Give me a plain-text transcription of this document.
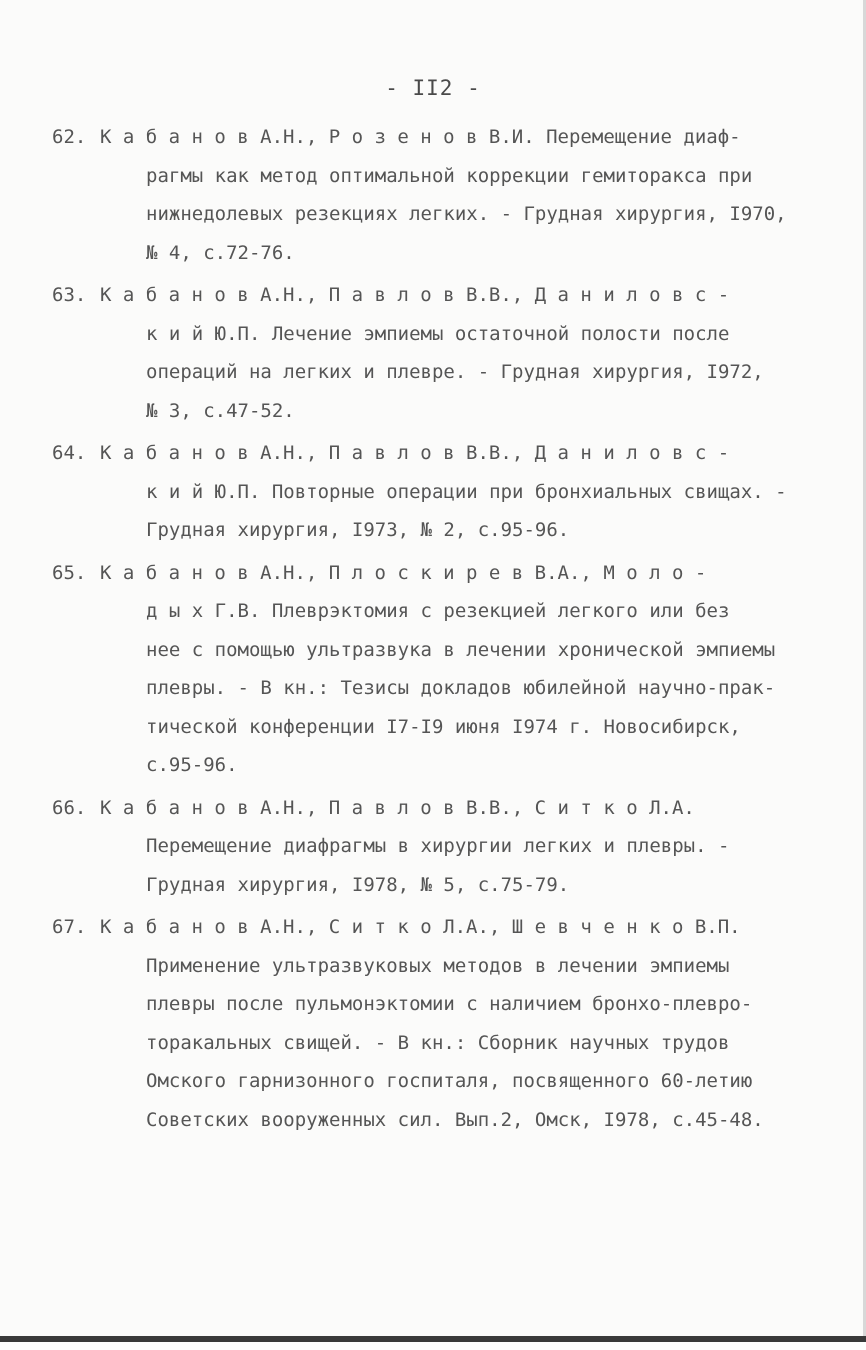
- II2 -
62. К а б а н о в А.Н., Р о з е н о в В.И. Перемещение диаф-
рагмы как метод оптимальной коррекции гемиторакса при
нижнедолевых резекциях легких. - Грудная хирургия, I970,
№ 4, с.72-76.
63. К а б а н о в А.Н., П а в л о в В.В., Д а н и л о в с -
к и й Ю.П. Лечение эмпиемы остаточной полости после
операций на легких и плевре. - Грудная хирургия, I972,
№ 3, с.47-52.
64. К а б а н о в А.Н., П а в л о в В.В., Д а н и л о в с -
к и й Ю.П. Повторные операции при бронхиальных свищах. -
Грудная хирургия, I973, № 2, с.95-96.
65. К а б а н о в А.Н., П л о с к и р е в В.А., М о л о -
д ы х Г.В. Плеврэктомия с резекцией легкого или без
нее с помощью ультразвука в лечении хронической эмпиемы
плевры. - В кн.: Тезисы докладов юбилейной научно-прак-
тической конференции I7-I9 июня I974 г. Новосибирск,
с.95-96.
66. К а б а н о в А.Н., П а в л о в В.В., С и т к о Л.А.
Перемещение диафрагмы в хирургии легких и плевры. -
Грудная хирургия, I978, № 5, с.75-79.
67. К а б а н о в А.Н., С и т к о Л.А., Ш е в ч е н к о В.П.
Применение ультразвуковых методов в лечении эмпиемы
плевры после пульмонэктомии с наличием бронхо-плевро-
торакальных свищей. - В кн.: Сборник научных трудов
Омского гарнизонного госпиталя, посвященного 60-летию
Советских вооруженных сил. Вып.2, Омск, I978, с.45-48.
